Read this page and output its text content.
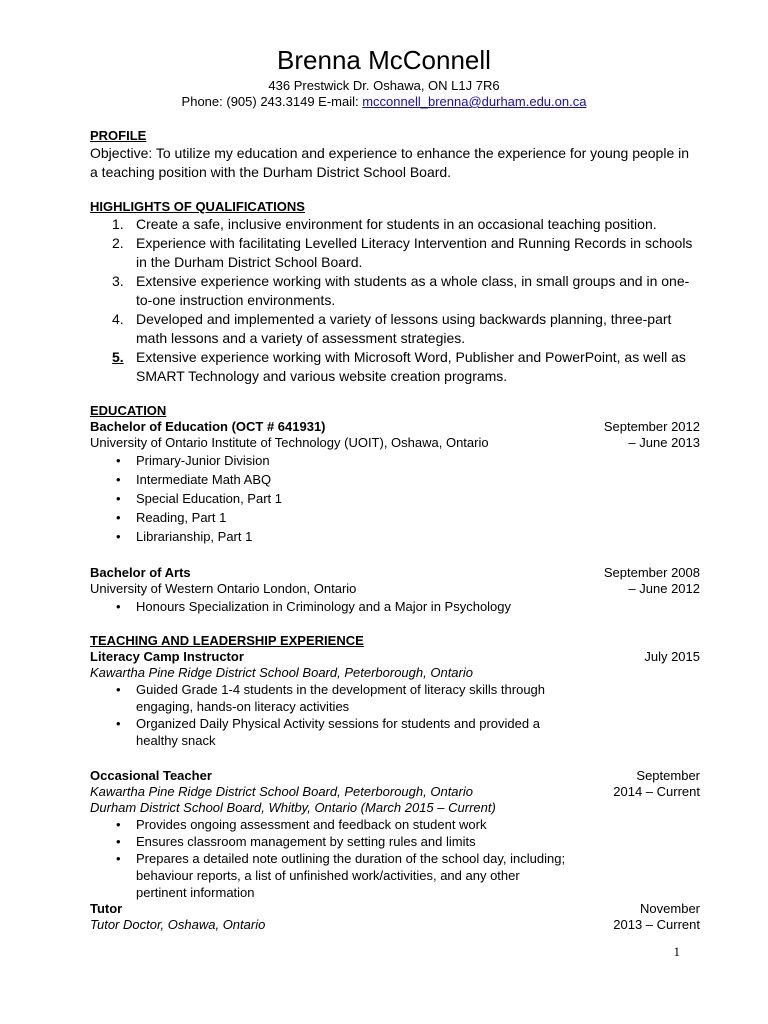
Brenna McConnell
436 Prestwick Dr. Oshawa, ON L1J 7R6
Phone: (905) 243.3149 E-mail: mcconnell_brenna@durham.edu.on.ca
PROFILE
Objective: To utilize my education and experience to enhance the experience for young people in a teaching position with the Durham District School Board.
HIGHLIGHTS OF QUALIFICATIONS
1. Create a safe, inclusive environment for students in an occasional teaching position.
2. Experience with facilitating Levelled Literacy Intervention and Running Records in schools in the Durham District School Board.
3. Extensive experience working with students as a whole class, in small groups and in one-to-one instruction environments.
4. Developed and implemented a variety of lessons using backwards planning, three-part math lessons and a variety of assessment strategies.
5. Extensive experience working with Microsoft Word, Publisher and PowerPoint, as well as SMART Technology and various website creation programs.
EDUCATION
September 2012
– June 2013
Bachelor of Education (OCT # 641931)
University of Ontario Institute of Technology (UOIT), Oshawa, Ontario
• Primary-Junior Division
• Intermediate Math ABQ
• Special Education, Part 1
• Reading, Part 1
• Librarianship, Part 1
September 2008
– June 2012
Bachelor of Arts
University of Western Ontario London, Ontario
• Honours Specialization in Criminology and a Major in Psychology
TEACHING AND LEADERSHIP EXPERIENCE
July 2015
Literacy Camp Instructor
Kawartha Pine Ridge District School Board, Peterborough, Ontario
• Guided Grade 1-4 students in the development of literacy skills through engaging, hands-on literacy activities
• Organized Daily Physical Activity sessions for students and provided a healthy snack
September
2014 – Current
Occasional Teacher
Kawartha Pine Ridge District School Board, Peterborough, Ontario
Durham District School Board, Whitby, Ontario (March 2015 – Current)
• Provides ongoing assessment and feedback on student work
• Ensures classroom management by setting rules and limits
• Prepares a detailed note outlining the duration of the school day, including; behaviour reports, a list of unfinished work/activities, and any other pertinent information
November
2013 – Current
Tutor
Tutor Doctor, Oshawa, Ontario
1
